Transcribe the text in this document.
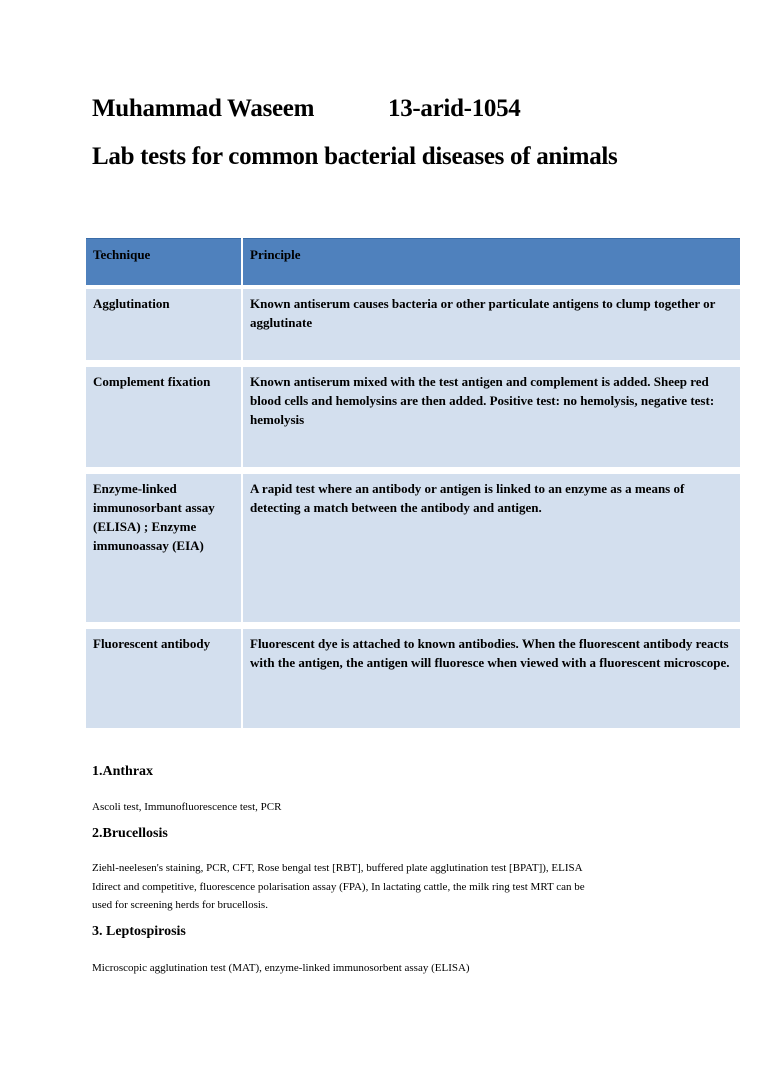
Muhammad Waseem	13-arid-1054
Lab tests for common bacterial diseases of animals
Technique	Principle
Agglutination	Known antiserum causes bacteria or other particulate antigens to clump together or agglutinate
Complement fixation	Known antiserum mixed with the test antigen and complement is added. Sheep red blood cells and hemolysins are then added. Positive test: no hemolysis, negative test: hemolysis
Enzyme-linked immunosorbant assay (ELISA) ; Enzyme immunoassay (EIA)	A rapid test where an antibody or antigen is linked to an enzyme as a means of detecting a match between the antibody and antigen.
Fluorescent antibody	Fluorescent dye is attached to known antibodies. When the fluorescent antibody reacts with the antigen, the antigen will fluoresce when viewed with a fluorescent microscope.
1.Anthrax
Ascoli test, Immunofluorescence test, PCR
2.Brucellosis
Ziehl-neelesen's staining, PCR, CFT, Rose bengal test [RBT], buffered plate agglutination test [BPAT]), ELISA
Idirect and competitive, fluorescence polarisation assay (FPA), In lactating cattle, the milk ring test MRT can be
used for screening herds for brucellosis.
3. Leptospirosis
Microscopic agglutination test (MAT), enzyme-linked immunosorbent assay (ELISA)
